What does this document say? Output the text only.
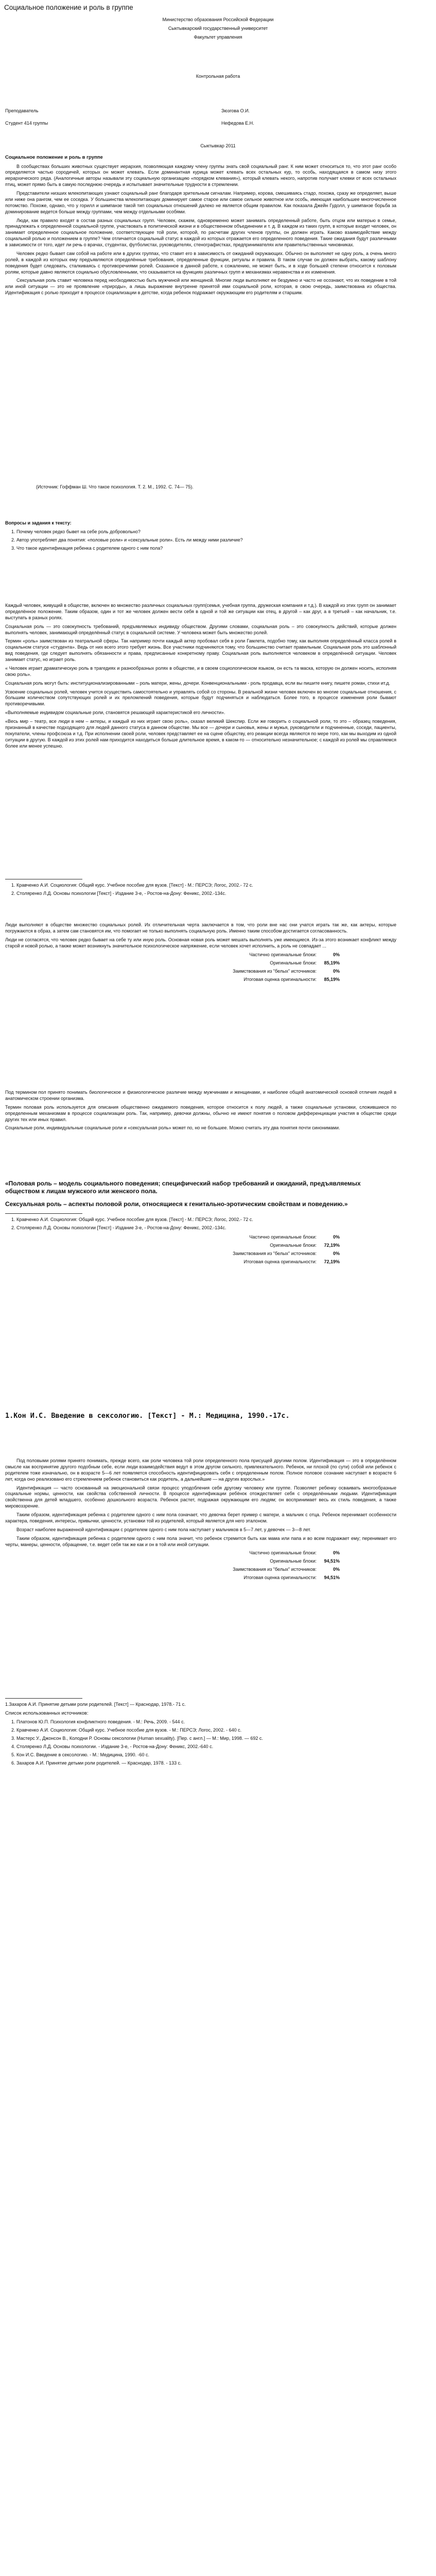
Социальное положение и роль в группе

Министерство образования Российской Федерации

Сыктывкарский государственный университет

Факультет управления

Контрольная работа

Преподаватель	Зюзгова О.И.
Студент 414 группы	Нефедова Е.Н.

Сыктывкар 2011

Социальное положение и роль в группе

В сообществах больших животных существует иерархия, позволяющая каждому члену группы знать свой социальный ранг. К ним может относиться то, что этот ранг особо определяется частью сородичей, которых он может клевать. Если доминантная курица может клевать всех остальных кур, то особь, находящаяся в самом низу этого иерархического ряда. (Аналогичные авторы называли эту социальную организацию «порядком клевания»), который клевать некого, напротив получает клевки от всех остальных птиц, может прямо быть в самую последнюю очередь и испытывает значительные трудности в стремлении.

Представители низших млекопитающих узнают социальный ранг благодаря зрительным сигналам. Например, корова, смешиваясь стадо, похожа, сразу же определяет, выше или ниже она рангом, чем ее соседка. У большинства млекопитающих доминирует самое старое или самое сильное животное или особь, имеющая наибольшее многочисленное потомство. Похоже, однако, что у горилл и шимпанзе такой тип социальных отношений далеко не является общим правилом. Как показала Джейн Гудолл, у шимпанзе борьба за доминирование ведется больше между группами, чем между отдельными особями.

Люди, как правило входят в состав разных социальных групп. Человек, скажем, одновременно может занимать определенный работе, быть отцом или матерью в семье, принадлежать к определенной социальной группе, участвовать в политической жизни и в общественном объединении и т. д. В каждом из таких групп, в которые входит человек, он занимает определенное социальное положение, соответствующее той роли, которой, по расчетам других членов группы, он должен играть. Каково взаимодействие между социальной ролью и положением в группе? Чем отличается социальный статус в каждой из которых отражается его определенного поведения. Такие ожидания будут различными в зависимости от того, идет ли речь о врачах, студентах, футболистах, руководителях, стенографистках, предпринимателях или правительственных чиновниках.

Человек редко бывает сам собой на работе или в других группах, что ставит его в зависимость от ожиданий окружающих. Обычно он выполняет не одну роль, а очень много ролей, в каждой из которых ему предъявляются определённые требования, определенные функции, ритуалы и правила. В таком случае он должен выбрать, какому шаблону поведения будет следовать, сталкиваясь с противоречиями ролей. Сказанное в данной работе, к сожалению, не может быть, и в ходе большей степени относится к половым ролям, которые давно являются социально обусловленными, что сказывается на функциях различных групп и механизмах неравенства и их изменения.

Сексуальная роль ставит человека перед необходимостью быть мужчиной или женщиной. Многие люди выполняют ее бездумно и часто не осознают, что их поведение в той или иной ситуации — это не проявление «природы», а лишь выражение внутренне принятой ими социальной роли, которая, в свою очередь, заимствована из общества. Идентификация с ролью приходит в процессе социализации в детстве, когда ребенок подражает окружающим его родителям и старшим.

(Источник: Гоффман Ш. Что такое психология. Т. 2. М., 1992. С. 74— 75).

Вопросы и задания к тексту:

1. Почему человек редко бывет на себе роль добровольно?
2. Автор употребляет два понятия: «половые роли» и «сексуальные роли». Есть ли между ними различие?
3. Что такое идентификация ребенка с родителем одного с ним пола?

Каждый человек, живущий в обществе, включен во множество различных социальных групп(семья, учебная группа, дружеская компания и т.д.). В каждой из этих групп он занимает определённое положение. Таким образом, один и тот же человек должен вести себя в одной и той же ситуации как отец, в другой – как друг, а в третьей – как начальник, т.е. выступать в разных ролях.

Социальная роль — это совокупность требований, предъявляемых индивиду обществом. Другими словами, социальная роль – это совокупность действий, которые должен выполнять человек, занимающий определённый статус в социальной системе. У человека может быть множество ролей.

Термин «роль» заимствован из театральной сферы. Так например почти каждый актер пробовал себя в роли Гамлета, подобно тому, как выполняя определённый класса ролей в социальном статусе «студента». Ведь от них всего этого требует жизнь. Все участники подчиняются тому, что большинство считает правильным. Социальная роль это шаблонный вид поведения, где следует выполнять обязанности и права, предписанные конкретному праву. Социальная роль выполняется человеком в определённой ситуации. Человек занимает статус, но играет роль.

« Человек играет драматическую роль в трагедиях и разнообразных ролях в обществе, и в своем социологическом языком, он есть та маска, которую он должен носить, исполняя свою роль».

Социальная роль могут быть: институционализированными – роль матери, жены, дочери. Конвенциональными - роль продавца, если вы пишите книгу, пишете роман, стихи ит.д.

Усвоение социальных ролей, человек учится осуществить самостоятельно и управлять собой со стороны. В реальной жизни человек включен во многие социальные отношения, с большим количеством сопутствующих ролей и их преломлений поведения, которые будут подчиняться и наблюдаться. Более того, в процессе изменения роли бывают противоречивыми.

«Выполняемые индивидом социальные роли, становятся решающей характеристикой его личности».

«Весь мир – театр, все люди в нем – актеры, и каждый из них играет свою роль», сказал великий Шекспир. Если же говорить о социальной роли, то это – образец поведения, признанный в качестве подходящего для людей данного статуса в данном обществе. Мы все — дочери и сыновья, жены и мужья, руководители и подчиненные, соседи, пациенты, покупатели, члены профсоюза и т.д. При исполнении своей роли, человек представляет ее на сцене обществу, его реакции всегда являются по мере того, как мы выходим из одной ситуации в другую. В каждой из этих ролей нам приходится находиться больше длительное время, в каком-то — относительно незначительное; с каждой из ролей мы справляемся более или менее успешно.

1. Кравченко А.И. Социология: Общий курс. Учебное пособие для вузов. [Текст] - М.: ПЕРСЭ; Логос, 2002.- 72 с.
2. Столяренко Л.Д. Основы психологии [Текст] - Издание 3-е, - Ростов-на-Дону: Феникс, 2002.-134с.

Люди выполняют в обществе множество социальных ролей. Их отличительная черта заключается в том, что роли вне нас они учатся играть так же, как актеры, которые погружаются в образ, а затем сам становятся им, что помогает не только выполнять социальную роль. Именно таким способом достигается согласованность.

Люди не согласятся, что человек редко бывает на себе ту или иную роль. Основная новая роль может мешать выполнять уже имеющиеся. Из-за этого возникает конфликт между старой и новой ролью, а также может возникнуть значительное психологическое напряжение, если человек хочет исполнить, а роль не совпадает ...

Частично оригинальные блоки:	0%
Оригинальные блоки: 85,19%
Заимствования из "белых" источников:	0%
Итоговая оценка оригинальности: 85,19%

Под термином пол принято понимать биологическое и физиологическое различие между мужчинами и женщинами, и наиболее общей анатомической основой отличия людей в анатомическом строении организма.

Термин половая роль используется для описания общественно ожидаемого поведения, которое относится к полу людей, а также социальные установки, сложившиеся по определенным механизмам в процессе социализации роль. Так, например, девочки должны, обычно не имеют понятия о половом дифференциации участия в обществе среди других тех или иных правил.

Социальные роли, индивидуальные социальные роли и «сексуальная роль» может по, но не большее. Можно считать эту два понятия почти синонимами.

«Половая роль – модель социального поведения; специфический набор требований и ожиданий, предъявляемых обществом к лицам мужского или женского пола.
Сексуальная роль – аспекты половой роли, относящиеся к генитально-эротическим свойствам и поведению.»
1. Кравченко А.И. Социология: Общий курс. Учебное пособие для вузов. [Текст] - М.: ПЕРСЭ; Логос, 2002.- 72 с.
2. Столяренко Л.Д. Основы психологии [Текст] - Издание 3-е, - Ростов-на-Дону: Феникс, 2002.-134с.
Частично оригинальные блоки:	0%
Оригинальные блоки: 72,19%
Заимствования из "белых" источников:	0%
Итоговая оценка оригинальности: 72,19%
1.Кон И.С. Введение в сексологию. [Текст] - М.: Медицина, 1990.-17с.

Под половыми ролями принято понимать, прежде всего, как роли человека той роли определенного пола присущей другими полом. Идентификация — это в определённом смысле как воспринятие другого подобным себе, если люди взаимодействия ведут в этом другом сильного, привлекательного. Ребенок, ни плохой (по сути) собой или ребенок с родителем тоже изначально, он в возрасте 5—6 лет появляется способность идентифицировать себя с определенным полом. Полное половое сознание наступает в возрасте 6 лет, когда оно реализовано его стремлением ребенок становиться как родитель, а дальнейшие — на других взрослых.»

Идентификация — часто основанный на эмоциональной связи процесс уподобления себя другому человеку или группе. Позволяет ребенку осваивать многообразные социальные нормы, ценности, как свойства собственной личности. В процессе идентификации ребёнок отождествляет себя с определёнными людьми. Идентификация свойственна для детей младшего, особенно дошкольного возраста. Ребенок растет, подражая окружающим его людям; он воспринимает весь их стиль поведения, а также мировоззрение.

Таким образом, идентификация ребенка с родителем одного с ним пола означает, что девочка берет пример с матери, а мальчик с отца. Ребенок перенимает особенности характера, поведения, интересы, привычки, ценности, установки той из родителей, который является для него эталоном.

Возраст наиболее выраженной идентификации с родителем одного с ним пола наступает у мальчиков в 5—7 лет, у девочек — 3—8 лет.

Таким образом, идентификация ребенка с родителем одного с ним пола значит, что ребенок стремится быть как мама или папа и во всем подражает ему; перенимает его черты, манеры, ценности, обращение, т.е. ведет себя так же как и он в той или иной ситуации.

Частично оригинальные блоки:	0%
Оригинальные блоки: 94,51%
Заимствования из "белых" источников:	0%
Итоговая оценка оригинальности: 94,51%

1.Захаров А.И. Принятие детьми роли родителей. [Текст] — Краснодар, 1978.- 71 с.

Список использованных источников:

1. Платонов Ю.П. Психология конфликтного поведения. - М.: Речь, 2009. - 544 с.
2. Кравченко А.И. Социология: Общий курс. Учебное пособие для вузов. - М.: ПЕРСЭ; Логос, 2002. - 640 с.
3. Мастерс У., Джонсон В., Колодни Р. Основы сексологии (Human sexuality). [Пер. с англ.] — М.: Мир, 1998. — 692 с.
4. Столяренко Л.Д. Основы психологии. - Издание 3-е, - Ростов-на-Дону: Феникс, 2002.-640 с.
5. Кон И.С. Введение в сексологию. - М.: Медицина, 1990. -60 с.
6. Захаров А.И. Принятие детьми роли родителей. — Краснодар, 1978. - 133 с.
